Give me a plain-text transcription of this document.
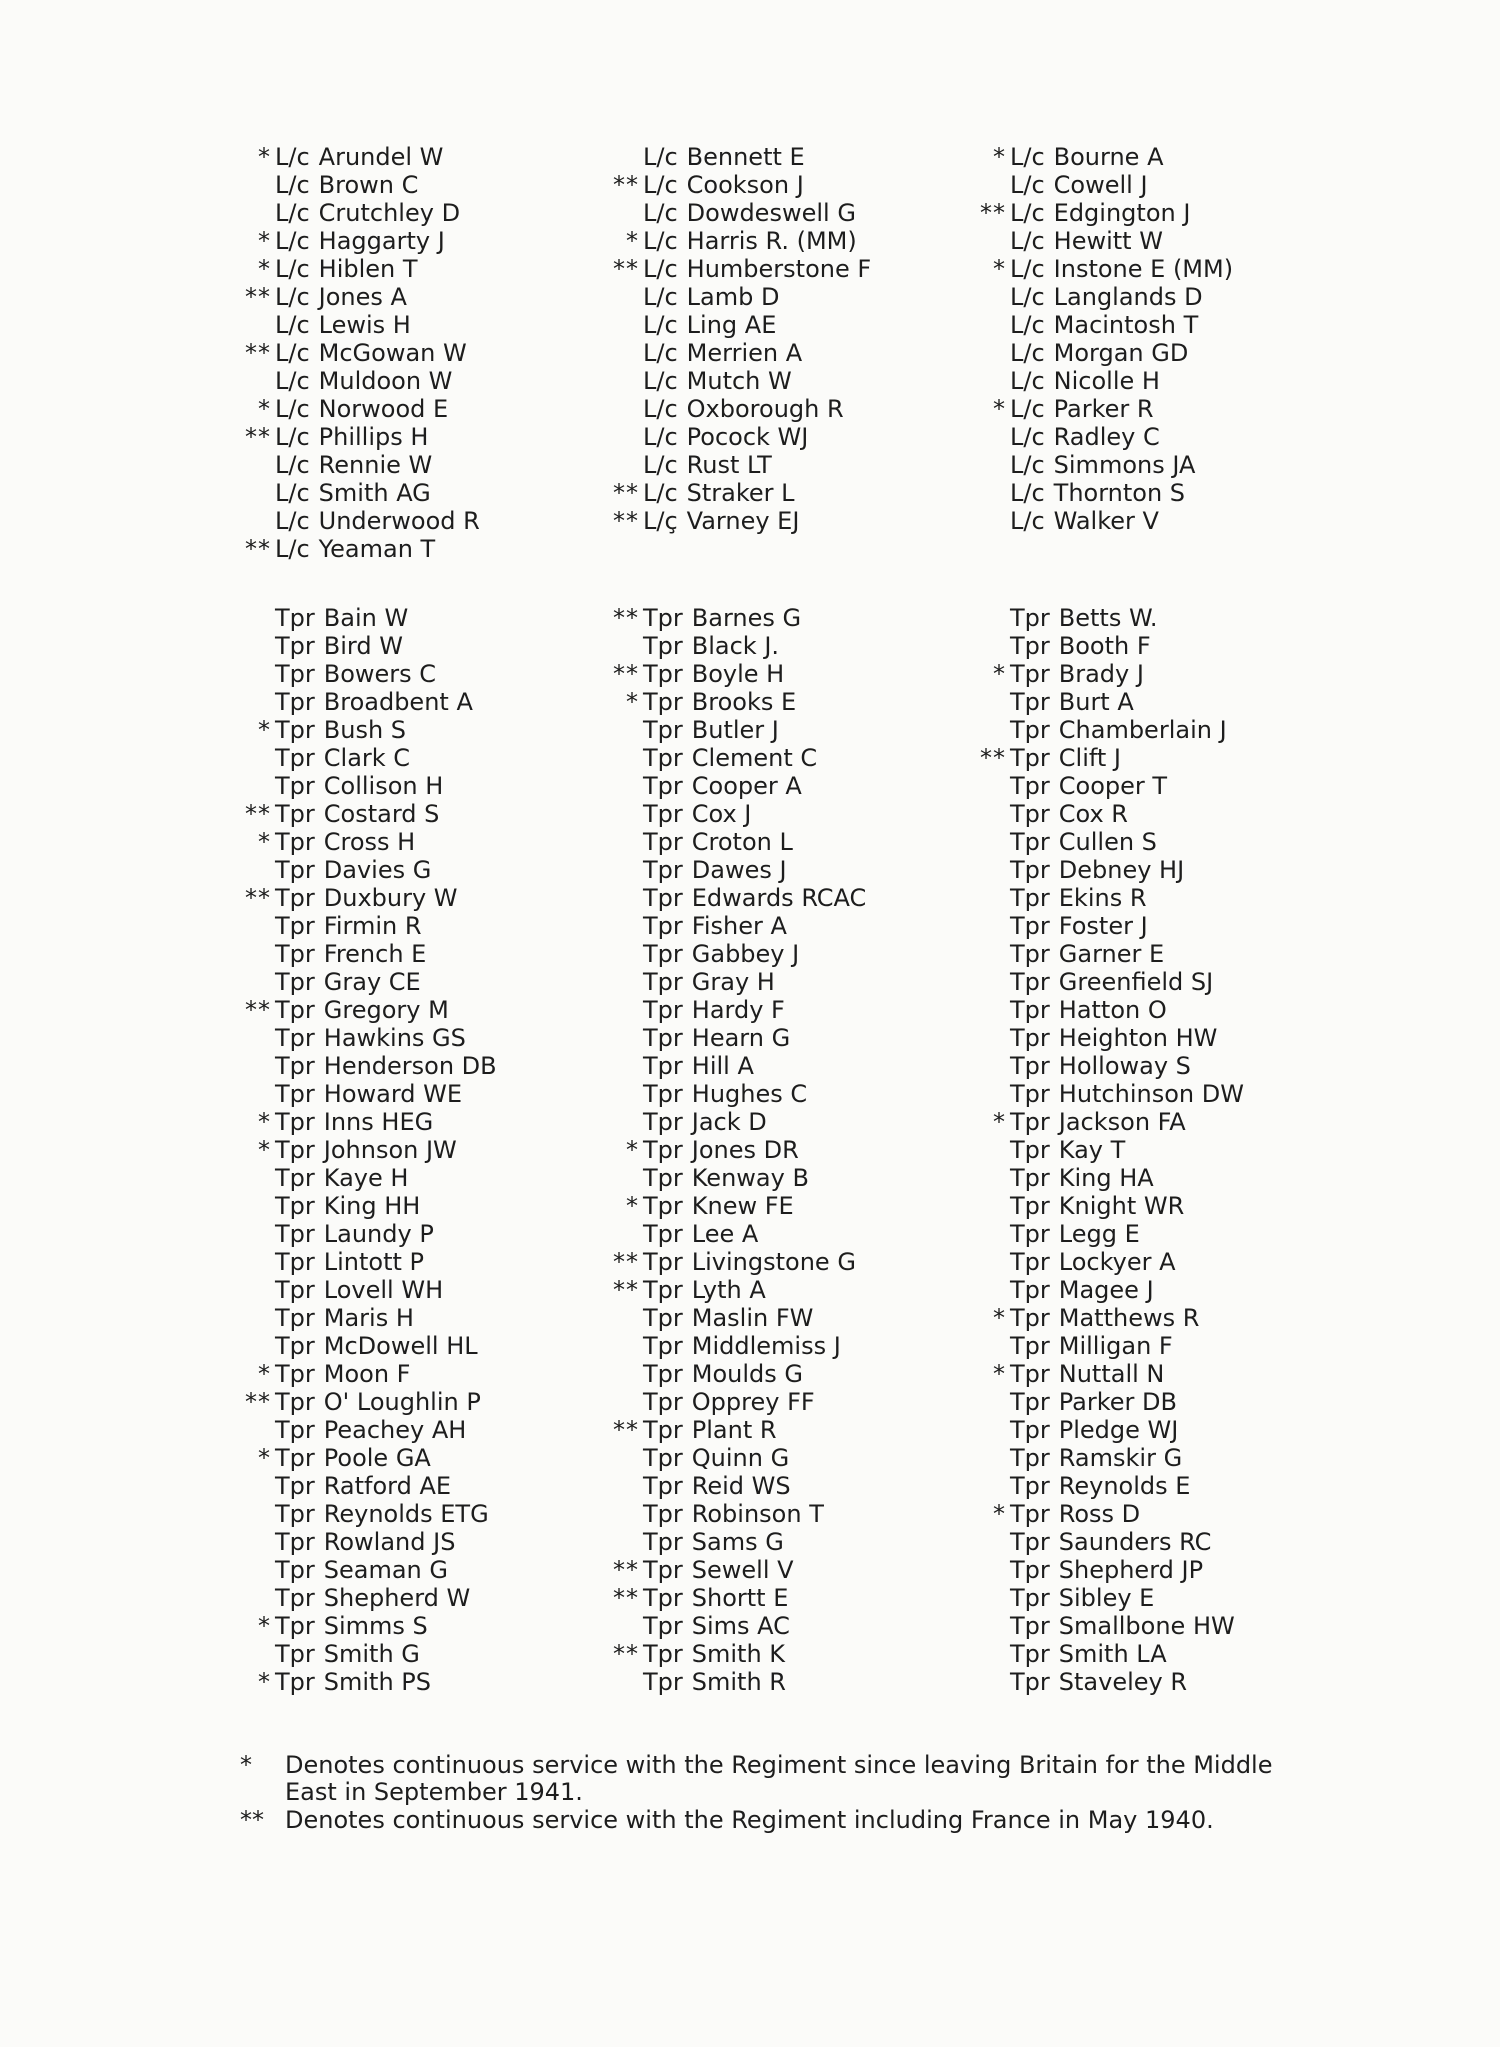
* L/c Arundel W
L/c Brown C
L/c Crutchley D
* L/c Haggarty J
* L/c Hiblen T
** L/c Jones A
L/c Lewis H
** L/c McGowan W
L/c Muldoon W
* L/c Norwood E
** L/c Phillips H
L/c Rennie W
L/c Smith AG
L/c Underwood R
** L/c Yeaman T
L/c Bennett E
** L/c Cookson J
L/c Dowdeswell G
* L/c Harris R. (MM)
** L/c Humberstone F
L/c Lamb D
L/c Ling AE
L/c Merrien A
L/c Mutch W
L/c Oxborough R
L/c Pocock WJ
L/c Rust LT
** L/c Straker L
** L/ç Varney EJ
* L/c Bourne A
L/c Cowell J
** L/c Edgington J
L/c Hewitt W
* L/c Instone E (MM)
L/c Langlands D
L/c Macintosh T
L/c Morgan GD
L/c Nicolle H
* L/c Parker R
L/c Radley C
L/c Simmons JA
L/c Thornton S
L/c Walker V
Tpr Bain W
Tpr Bird W
Tpr Bowers C
Tpr Broadbent A
* Tpr Bush S
Tpr Clark C
Tpr Collison H
** Tpr Costard S
* Tpr Cross H
Tpr Davies G
** Tpr Duxbury W
Tpr Firmin R
Tpr French E
Tpr Gray CE
** Tpr Gregory M
Tpr Hawkins GS
Tpr Henderson DB
Tpr Howard WE
* Tpr Inns HEG
* Tpr Johnson JW
Tpr Kaye H
Tpr King HH
Tpr Laundy P
Tpr Lintott P
Tpr Lovell WH
Tpr Maris H
Tpr McDowell HL
* Tpr Moon F
** Tpr O' Loughlin P
Tpr Peachey AH
* Tpr Poole GA
Tpr Ratford AE
Tpr Reynolds ETG
Tpr Rowland JS
Tpr Seaman G
Tpr Shepherd W
* Tpr Simms S
Tpr Smith G
* Tpr Smith PS
** Tpr Barnes G
Tpr Black J.
** Tpr Boyle H
* Tpr Brooks E
Tpr Butler J
Tpr Clement C
Tpr Cooper A
Tpr Cox J
Tpr Croton L
Tpr Dawes J
Tpr Edwards RCAC
Tpr Fisher A
Tpr Gabbey J
Tpr Gray H
Tpr Hardy F
Tpr Hearn G
Tpr Hill A
Tpr Hughes C
Tpr Jack D
* Tpr Jones DR
Tpr Kenway B
* Tpr Knew FE
Tpr Lee A
** Tpr Livingstone G
** Tpr Lyth A
Tpr Maslin FW
Tpr Middlemiss J
Tpr Moulds G
Tpr Opprey FF
** Tpr Plant R
Tpr Quinn G
Tpr Reid WS
Tpr Robinson T
Tpr Sams G
** Tpr Sewell V
** Tpr Shortt E
Tpr Sims AC
** Tpr Smith K
Tpr Smith R
Tpr Betts W.
Tpr Booth F
* Tpr Brady J
Tpr Burt A
Tpr Chamberlain J
** Tpr Clift J
Tpr Cooper T
Tpr Cox R
Tpr Cullen S
Tpr Debney HJ
Tpr Ekins R
Tpr Foster J
Tpr Garner E
Tpr Greenfield SJ
Tpr Hatton O
Tpr Heighton HW
Tpr Holloway S
Tpr Hutchinson DW
* Tpr Jackson FA
Tpr Kay T
Tpr King HA
Tpr Knight WR
Tpr Legg E
Tpr Lockyer A
Tpr Magee J
* Tpr Matthews R
Tpr Milligan F
* Tpr Nuttall N
Tpr Parker DB
Tpr Pledge WJ
Tpr Ramskir G
Tpr Reynolds E
* Tpr Ross D
Tpr Saunders RC
Tpr Shepherd JP
Tpr Sibley E
Tpr Smallbone HW
Tpr Smith LA
Tpr Staveley R
* Denotes continuous service with the Regiment since leaving Britain for the Middle East in September 1941.
** Denotes continuous service with the Regiment including France in May 1940.
